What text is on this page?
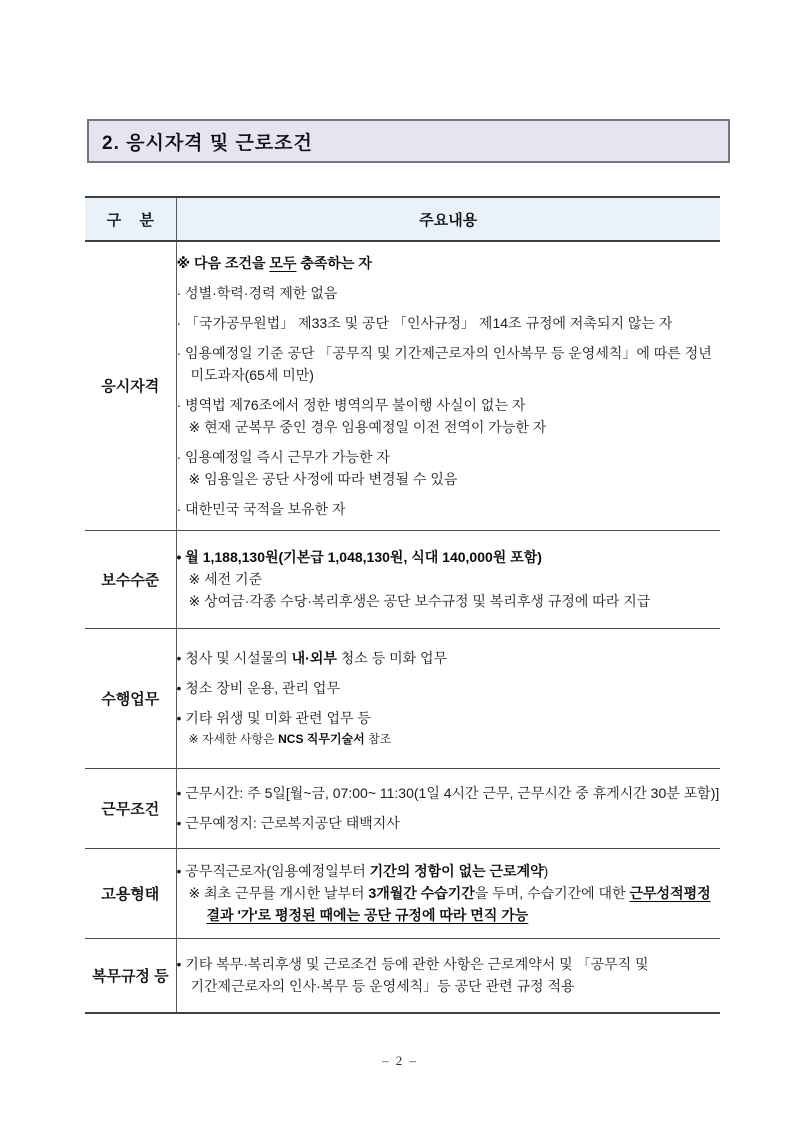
2. 응시자격 및 근로조건
구 분	주요내용
응시자격	
※ 다음 조건을 모두 충족하는 자
· 성별·학력·경력 제한 없음
· 「국가공무원법」 제33조 및 공단 「인사규정」 제14조 규정에 저촉되지 않는 자
· 임용예정일 기준 공단 「공무직 및 기간제근로자의 인사복무 등 운영세칙」에 따른 정년 미도과자(65세 미만)
· 병역법 제76조에서 정한 병역의무 불이행 사실이 없는 자
※ 현재 군복무 중인 경우 임용예정일 이전 전역이 가능한 자
· 임용예정일 즉시 근무가 가능한 자
※ 임용일은 공단 사정에 따라 변경될 수 있음
· 대한민국 국적을 보유한 자

보수수준	• 월 1,188,130원(기본급 1,048,130원, 식대 140,000원 포함)
※ 세전 기준
※ 상여금·각종 수당·복리후생은 공단 보수규정 및 복리후생 규정에 따라 지급

수행업무	• 청사 및 시설물의 내·외부 청소 등 미화 업무
• 청소 장비 운용, 관리 업무
• 기타 위생 및 미화 관련 업무 등
※ 자세한 사항은 NCS 직무기술서 참조

근무조건	• 근무시간: 주 5일[월~금, 07:00~ 11:30(1일 4시간 근무, 근무시간 중 휴게시간 30분 포함)]
• 근무예정지: 근로복지공단 태백지사

고용형태	• 공무직근로자(임용예정일부터 기간의 정함이 없는 근로계약)
※ 최초 근무를 개시한 날부터 3개월간 수습기간을 두며, 수습기간에 대한 근무성적평정 결과 '가'로 평정된 때에는 공단 규정에 따라 면직 가능

복무규정 등	• 기타 복무·복리후생 및 근로조건 등에 관한 사항은 근로계약서 및 「공무직 및 기간제근로자의 인사·복무 등 운영세칙」등 공단 관련 규정 적용
– 2 –
